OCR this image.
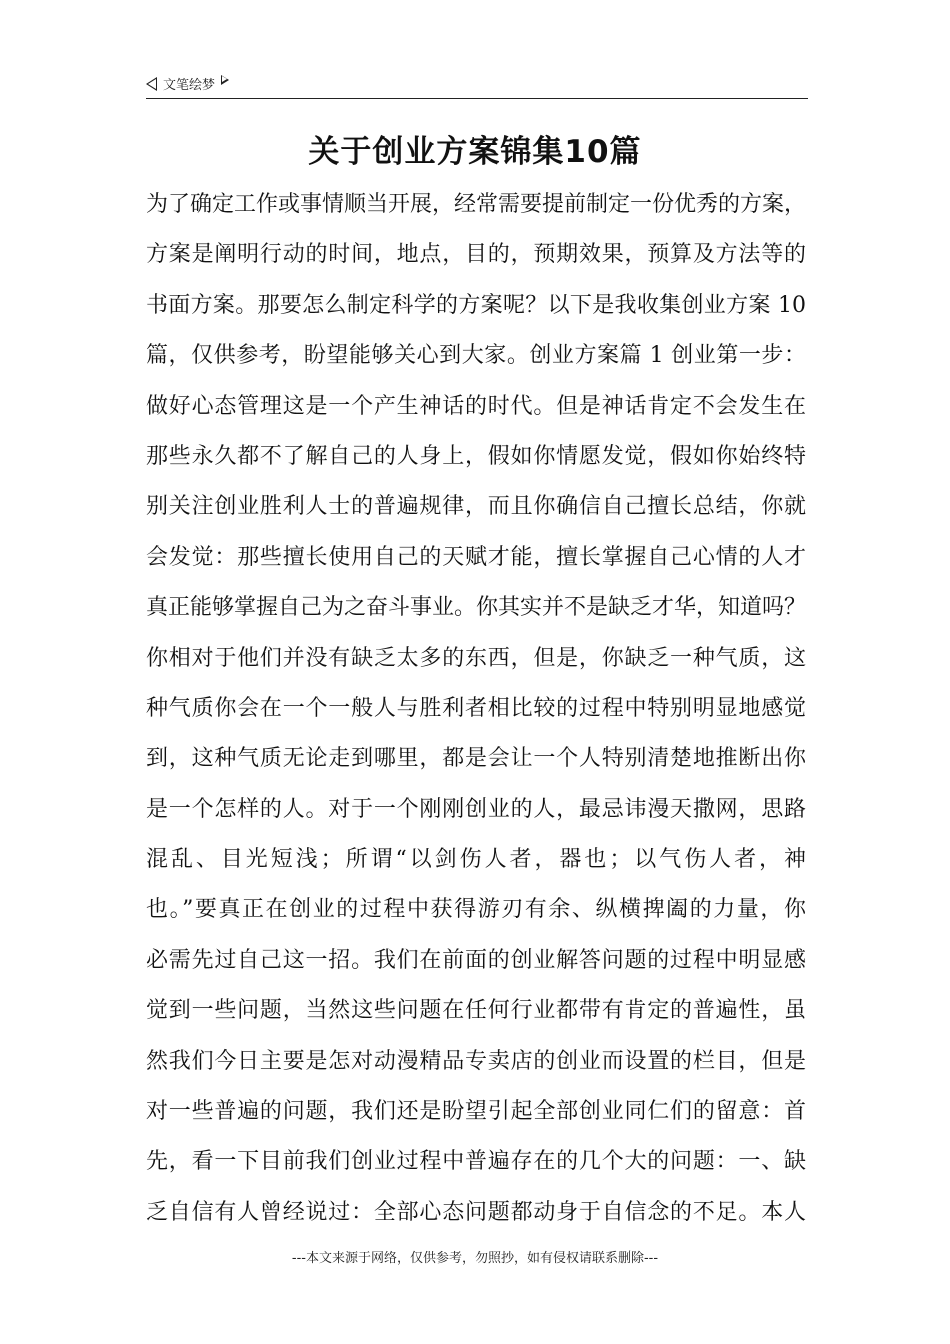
文笔绘梦
关于创业方案锦集10篇
为了确定工作或事情顺当开展，经常需要提前制定一份优秀的方案，
方案是阐明行动的时间，地点，目的，预期效果，预算及方法等的
书面方案。那要怎么制定科学的方案呢？以下是我收集创业方案 10
篇，仅供参考，盼望能够关心到大家。创业方案篇 1 创业第一步：
做好心态管理这是一个产生神话的时代。但是神话肯定不会发生在
那些永久都不了解自己的人身上，假如你情愿发觉，假如你始终特
别关注创业胜利人士的普遍规律，而且你确信自己擅长总结，你就
会发觉：那些擅长使用自己的天赋才能，擅长掌握自己心情的人才
真正能够掌握自己为之奋斗事业。你其实并不是缺乏才华，知道吗？
你相对于他们并没有缺乏太多的东西，但是，你缺乏一种气质，这
种气质你会在一个一般人与胜利者相比较的过程中特别明显地感觉
到，这种气质无论走到哪里，都是会让一个人特别清楚地推断出你
是一个怎样的人。对于一个刚刚创业的人，最忌讳漫天撒网，思路
混乱、目光短浅；所谓“以剑伤人者，器也；以气伤人者，神
也。”要真正在创业的过程中获得游刃有余、纵横捭阖的力量，你
必需先过自己这一招。我们在前面的创业解答问题的过程中明显感
觉到一些问题，当然这些问题在任何行业都带有肯定的普遍性，虽
然我们今日主要是怎对动漫精品专卖店的创业而设置的栏目，但是
对一些普遍的问题，我们还是盼望引起全部创业同仁们的留意：首
先，看一下目前我们创业过程中普遍存在的几个大的问题：一、缺
乏自信有人曾经说过：全部心态问题都动身于自信念的不足。本人
---本文来源于网络，仅供参考，勿照抄，如有侵权请联系删除---
